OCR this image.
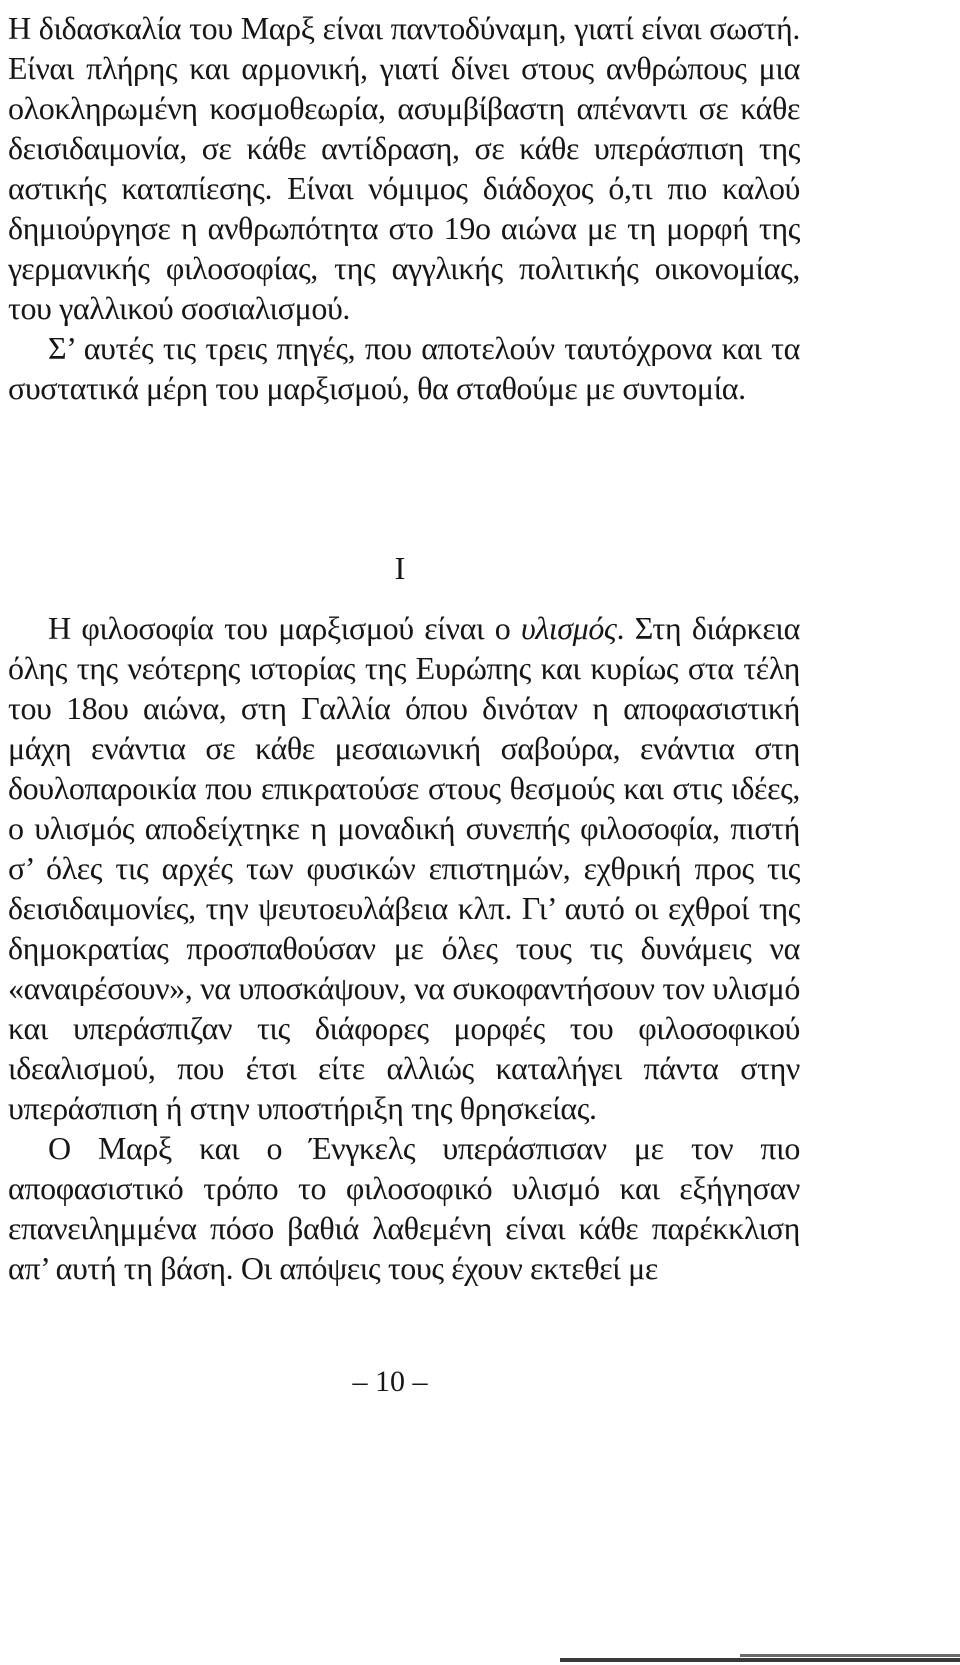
Η διδασκαλία του Μαρξ είναι παντοδύναμη, γιατί είναι σωστή. Είναι πλήρης και αρμονική, γιατί δίνει στους ανθρώπους μια ολοκληρωμένη κοσμοθεωρία, ασυμβίβαστη απέναντι σε κάθε δεισιδαιμονία, σε κάθε αντίδραση, σε κάθε υπεράσπιση της αστικής καταπίεσης. Είναι νόμιμος διάδοχος ό,τι πιο καλού δημιούργησε η ανθρωπότητα στο 19ο αιώνα με τη μορφή της γερμανικής φιλοσοφίας, της αγγλικής πολιτικής οικονομίας, του γαλλικού σοσιαλισμού.

Σ’ αυτές τις τρεις πηγές, που αποτελούν ταυτόχρονα και τα συστατικά μέρη του μαρξισμού, θα σταθούμε με συντομία.

I

Η φιλοσοφία του μαρξισμού είναι ο υλισμός. Στη διάρκεια όλης της νεότερης ιστορίας της Ευρώπης και κυρίως στα τέλη του 18ου αιώνα, στη Γαλλία όπου δινόταν η αποφασιστική μάχη ενάντια σε κάθε μεσαιωνική σαβούρα, ενάντια στη δουλοπαροικία που επικρατούσε στους θεσμούς και στις ιδέες, ο υλισμός αποδείχτηκε η μοναδική συνεπής φιλοσοφία, πιστή σ’ όλες τις αρχές των φυσικών επιστημών, εχθρική προς τις δεισιδαιμονίες, την ψευτοευλάβεια κλπ. Γι’ αυτό οι εχθροί της δημοκρατίας προσπαθούσαν με όλες τους τις δυνάμεις να «αναιρέσουν», να υποσκάψουν, να συκοφαντήσουν τον υλισμό και υπεράσπιζαν τις διάφορες μορφές του φιλοσοφικού ιδεαλισμού, που έτσι είτε αλλιώς καταλήγει πάντα στην υπεράσπιση ή στην υποστήριξη της θρησκείας.

Ο Μαρξ και ο Ένγκελς υπεράσπισαν με τον πιο αποφασιστικό τρόπο το φιλοσοφικό υλισμό και εξήγησαν επανειλημμένα πόσο βαθιά λαθεμένη είναι κάθε παρέκκλιση απ’ αυτή τη βάση. Οι απόψεις τους έχουν εκτεθεί με

– 10 –
